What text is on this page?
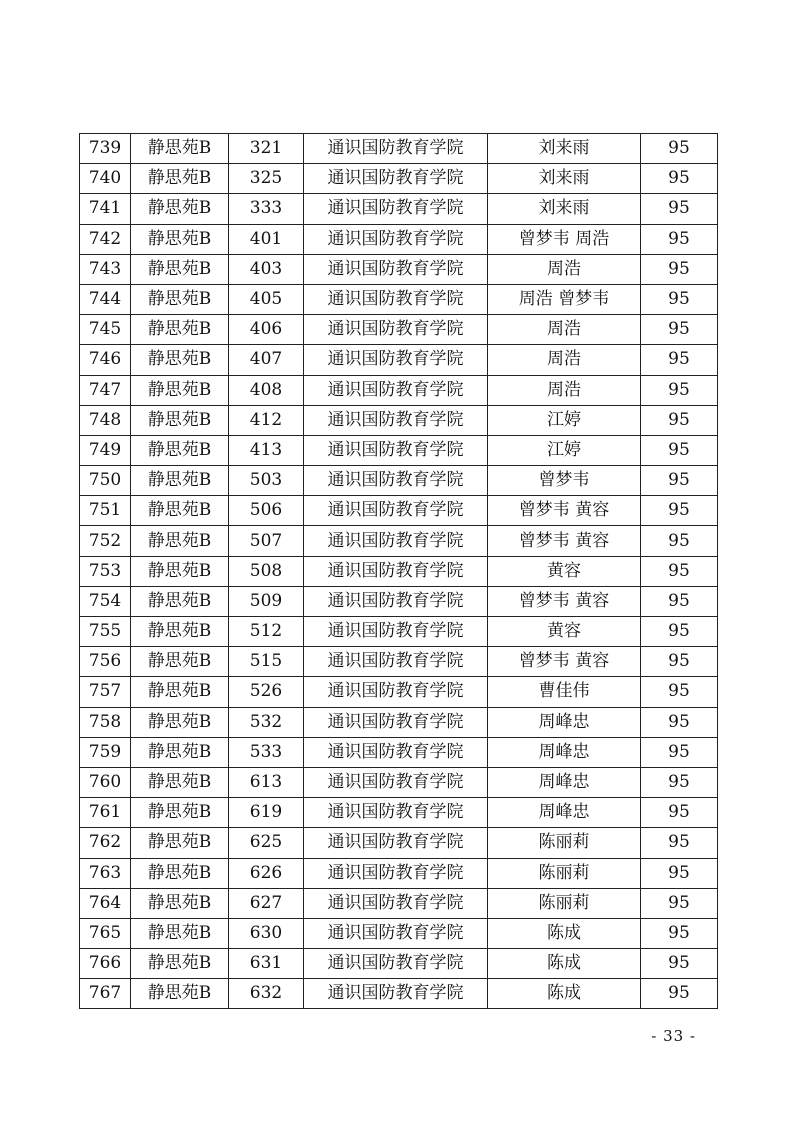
739	静思苑B	321	通识国防教育学院	刘来雨	95
740	静思苑B	325	通识国防教育学院	刘来雨	95
741	静思苑B	333	通识国防教育学院	刘来雨	95
742	静思苑B	401	通识国防教育学院	曾梦韦 周浩	95
743	静思苑B	403	通识国防教育学院	周浩	95
744	静思苑B	405	通识国防教育学院	周浩 曾梦韦	95
745	静思苑B	406	通识国防教育学院	周浩	95
746	静思苑B	407	通识国防教育学院	周浩	95
747	静思苑B	408	通识国防教育学院	周浩	95
748	静思苑B	412	通识国防教育学院	江婷	95
749	静思苑B	413	通识国防教育学院	江婷	95
750	静思苑B	503	通识国防教育学院	曾梦韦	95
751	静思苑B	506	通识国防教育学院	曾梦韦 黄容	95
752	静思苑B	507	通识国防教育学院	曾梦韦 黄容	95
753	静思苑B	508	通识国防教育学院	黄容	95
754	静思苑B	509	通识国防教育学院	曾梦韦 黄容	95
755	静思苑B	512	通识国防教育学院	黄容	95
756	静思苑B	515	通识国防教育学院	曾梦韦 黄容	95
757	静思苑B	526	通识国防教育学院	曹佳伟	95
758	静思苑B	532	通识国防教育学院	周峰忠	95
759	静思苑B	533	通识国防教育学院	周峰忠	95
760	静思苑B	613	通识国防教育学院	周峰忠	95
761	静思苑B	619	通识国防教育学院	周峰忠	95
762	静思苑B	625	通识国防教育学院	陈丽莉	95
763	静思苑B	626	通识国防教育学院	陈丽莉	95
764	静思苑B	627	通识国防教育学院	陈丽莉	95
765	静思苑B	630	通识国防教育学院	陈成	95
766	静思苑B	631	通识国防教育学院	陈成	95
767	静思苑B	632	通识国防教育学院	陈成	95
- 33 -
